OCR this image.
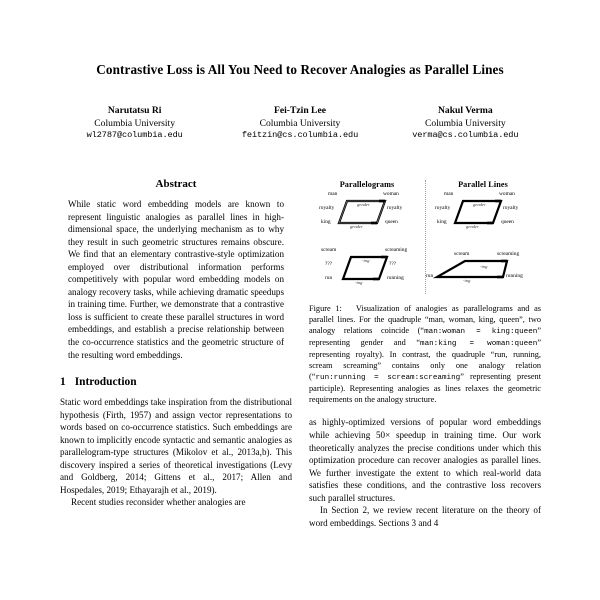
Contrastive Loss is All You Need to Recover Analogies as Parallel Lines
Narutatsu Ri
Columbia University
wl2787@columbia.edu
Fei-Tzin Lee
Columbia University
feitzin@cs.columbia.edu
Nakul Verma
Columbia University
verma@cs.columbia.edu
Abstract

While static word embedding models are known to represent linguistic analogies as parallel lines in high-dimensional space, the underlying mechanism as to why they result in such geometric structures remains obscure. We find that an elementary contrastive-style optimization employed over distributional information performs competitively with popular word embedding models on analogy recovery tasks, while achieving dramatic speedups in training time. Further, we demonstrate that a contrastive loss is sufficient to create these parallel structures in word embeddings, and establish a precise relationship between the co-occurrence statistics and the geometric structure of the resulting word embeddings.

1 Introduction

Static word embeddings take inspiration from the distributional hypothesis (Firth, 1957) and assign vector representations to words based on co-occurrence statistics. Such embeddings are known to implicitly encode syntactic and semantic analogies as parallelogram-type structures (Mikolov et al., 2013a,b). This discovery inspired a series of theoretical investigations (Levy and Goldberg, 2014; Gittens et al., 2017; Allen and Hospedales, 2019; Ethayarajh et al., 2019).

Recent studies reconsider whether analogies are

Parallelograms
man	woman
king	queen
royalty	royalty
gender
gender
scream	screaming
run	running
???	???
-ing
-ing
Parallel Lines
man	woman
king	queen
royalty	royalty
gender
gender
scream	screaming
run	running
-ing
-ing
Figure 1: Visualization of analogies as parallelograms and as parallel lines. For the quadruple “man, woman, king, queen”, two analogy relations coincide (“man:woman = king:queen” representing gender and “man:king = woman:queen” representing royalty). In contrast, the quadruple “run, running, scream screaming” contains only one analogy relation (“run:running = scream:screaming” representing present participle). Representing analogies as lines relaxes the geometric requirements on the analogy structure.

as highly-optimized versions of popular word embeddings while achieving 50× speedup in training time. Our work theoretically analyzes the precise conditions under which this optimization procedure can recover analogies as parallel lines. We further investigate the extent to which real-world data satisfies these conditions, and the contrastive loss recovers such parallel structures.

In Section 2, we review recent literature on the theory of word embeddings. Sections 3 and 4
